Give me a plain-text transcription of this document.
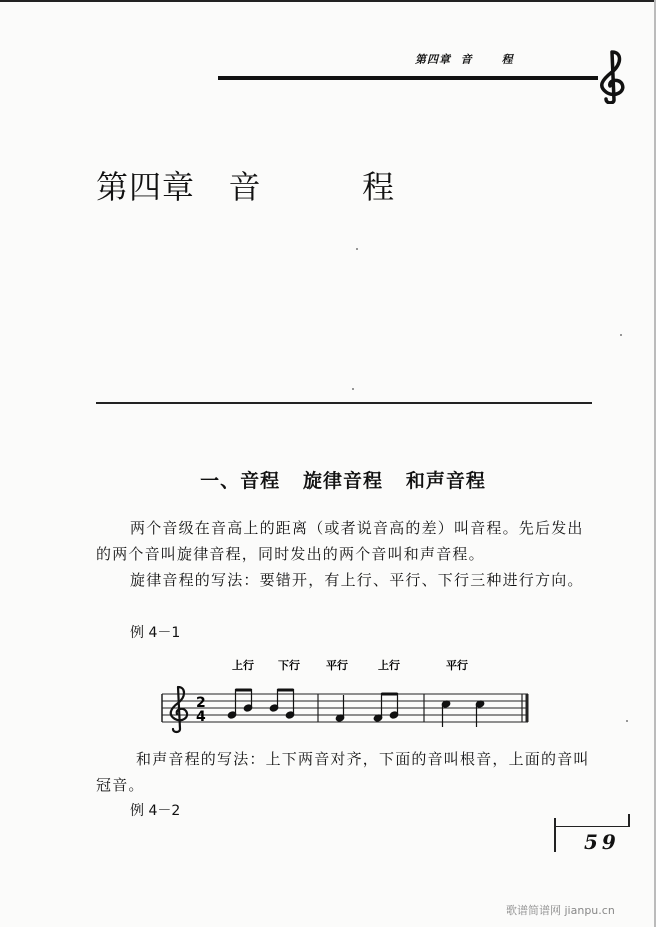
第四章  音      程
第四章   音         程
一、音程   旋律音程   和声音程
两个音级在音高上的距离（或者说音高的差）叫音程。先后发出的两个音叫旋律音程，同时发出的两个音叫和声音程。
旋律音程的写法：要错开，有上行、平行、下行三种进行方向。
例 4－1
上行 下行 平行	上行	平行
2
4
和声音程的写法：上下两音对齐，下面的音叫根音，上面的音叫冠音。
例 4－2
59
歌谱简谱网 jianpu.cn
